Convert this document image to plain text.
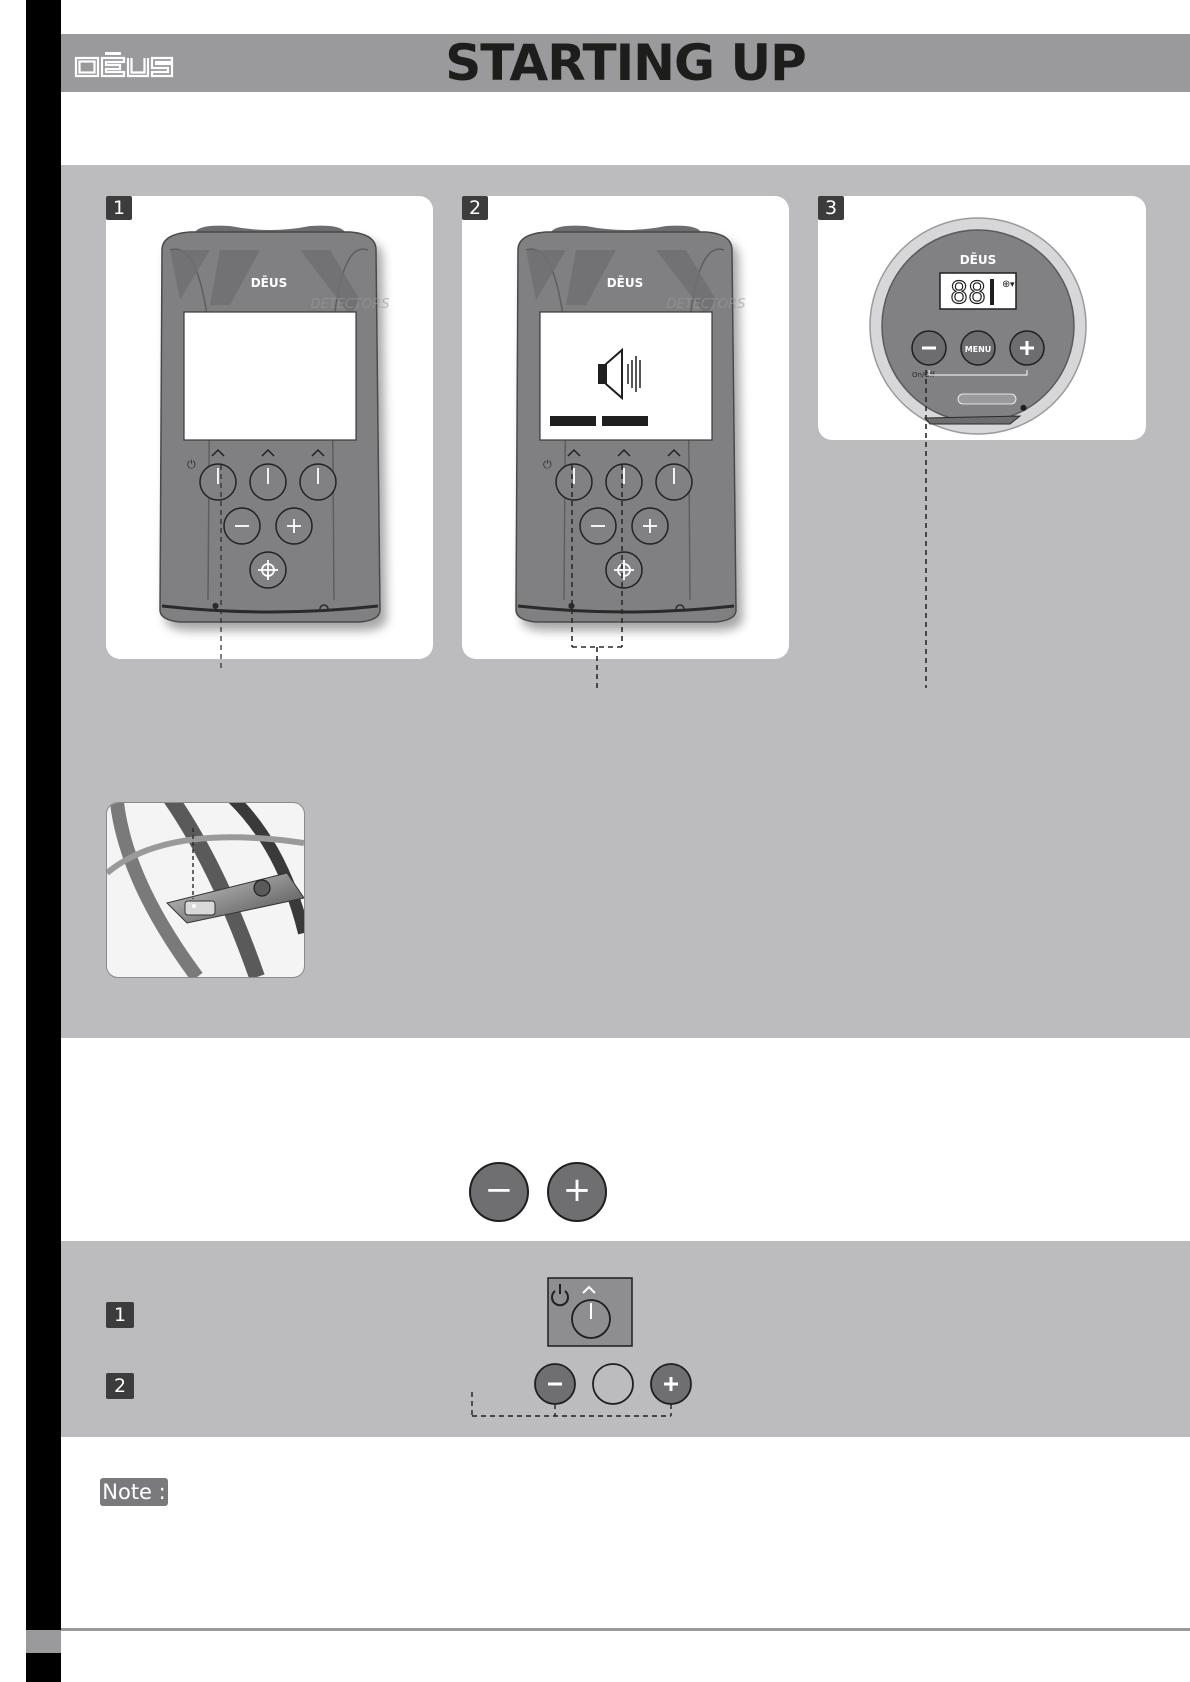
STARTING UP
1	2	3
DĒUS
DETECTORS
⏻
●
DĒUS
DETECTORS
⏻
●
DĒUS
88 ⊕ ▾
MENU
On/Off
●
−	+
1
2
Note :
